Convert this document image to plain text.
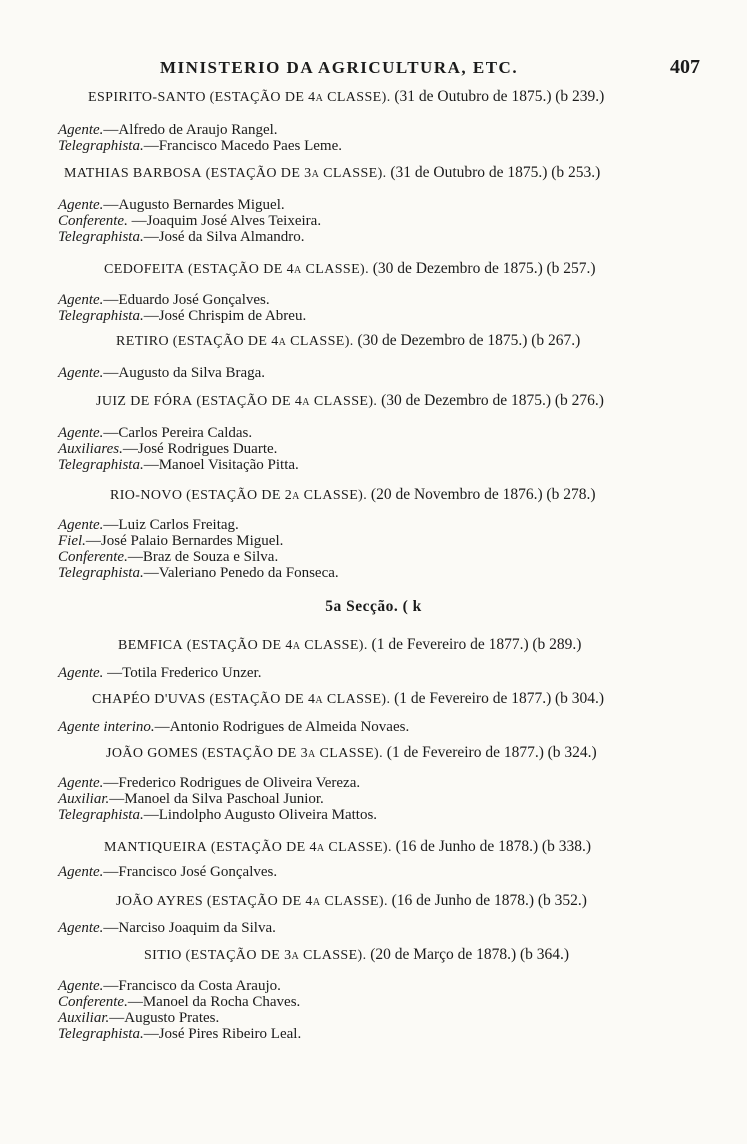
MINISTERIO DA AGRICULTURA, ETC.	407
ESPIRITO-SANTO (ESTAÇÃO DE 4a CLASSE). (31 de Outubro de 1875.) (b 239.)
Agente.—Alfredo de Araujo Rangel.
Telegraphista.—Francisco Macedo Paes Leme.
MATHIAS BARBOSA (ESTAÇÃO DE 3a CLASSE). (31 de Outubro de 1875.) (b 253.)
Agente.—Augusto Bernardes Miguel.
Conferente. —Joaquim José Alves Teixeira.
Telegraphista.—José da Silva Almandro.
CEDOFEITA (ESTAÇÃO DE 4a CLASSE). (30 de Dezembro de 1875.) (b 257.)
Agente.—Eduardo José Gonçalves.
Telegraphista.—José Chrispim de Abreu.
RETIRO (ESTAÇÃO DE 4a CLASSE). (30 de Dezembro de 1875.) (b 267.)
Agente.—Augusto da Silva Braga.
JUIZ DE FÓRA (ESTAÇÃO DE 4a CLASSE). (30 de Dezembro de 1875.) (b 276.)
Agente.—Carlos Pereira Caldas.
Auxiliares.—José Rodrigues Duarte.
Telegraphista.—Manoel Visitação Pitta.
RIO-NOVO (ESTAÇÃO DE 2a CLASSE). (20 de Novembro de 1876.) (b 278.)
Agente.—Luiz Carlos Freitag.
Fiel.—José Palaio Bernardes Miguel.
Conferente.—Braz de Souza e Silva.
Telegraphista.—Valeriano Penedo da Fonseca.
5a Secção. ( k
BEMFICA (ESTAÇÃO DE 4a CLASSE). (1 de Fevereiro de 1877.) (b 289.)
Agente. —Totila Frederico Unzer.
CHAPÉO D'UVAS (ESTAÇÃO DE 4a CLASSE). (1 de Fevereiro de 1877.) (b 304.)
Agente interino.—Antonio Rodrigues de Almeida Novaes.
JOÃO GOMES (ESTAÇÃO DE 3a CLASSE). (1 de Fevereiro de 1877.) (b 324.)
Agente.—Frederico Rodrigues de Oliveira Vereza.
Auxiliar.—Manoel da Silva Paschoal Junior.
Telegraphista.—Lindolpho Augusto Oliveira Mattos.
MANTIQUEIRA (ESTAÇÃO DE 4a CLASSE). (16 de Junho de 1878.) (b 338.)
Agente.—Francisco José Gonçalves.
JOÃO AYRES (ESTAÇÃO DE 4a CLASSE). (16 de Junho de 1878.) (b 352.)
Agente.—Narciso Joaquim da Silva.
SITIO (ESTAÇÃO DE 3a CLASSE). (20 de Março de 1878.) (b 364.)
Agente.—Francisco da Costa Araujo.
Conferente.—Manoel da Rocha Chaves.
Auxiliar.—Augusto Prates.
Telegraphista.—José Pires Ribeiro Leal.
